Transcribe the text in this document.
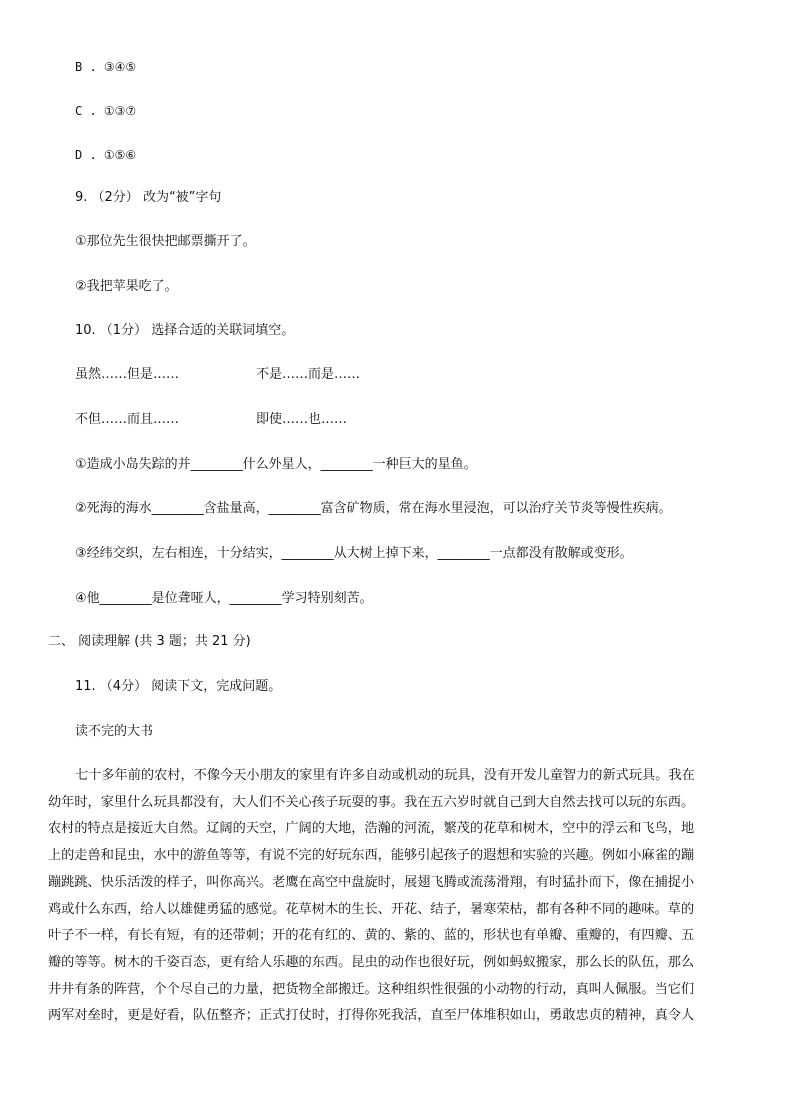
B . ③④⑤
C . ①③⑦
D . ①⑤⑥
9. （2分） 改为“被”字句
①那位先生很快把邮票撕开了。
②我把苹果吃了。
10. （1分） 选择合适的关联词填空。
虽然……但是……	不是……而是……
不但……而且……	即使……也……
①造成小岛失踪的并________什么外星人，________一种巨大的星鱼。
②死海的海水________含盐量高，________富含矿物质，常在海水里浸泡，可以治疗关节炎等慢性疾病。
③经纬交织，左右相连，十分结实，________从大树上掉下来，________一点都没有散解或变形。
④他________是位聋哑人，________学习特别刻苦。
二、 阅读理解 (共 3 题；共 21 分)
11. （4分） 阅读下文，完成问题。
读不完的大书
七十多年前的农村，不像今天小朋友的家里有许多自动或机动的玩具，没有开发儿童智力的新式玩具。我在
幼年时，家里什么玩具都没有，大人们不关心孩子玩耍的事。我在五六岁时就自己到大自然去找可以玩的东西。
农村的特点是接近大自然。辽阔的天空，广阔的大地，浩瀚的河流，繁茂的花草和树木，空中的浮云和飞鸟，地
上的走兽和昆虫，水中的游鱼等等，有说不完的好玩东西，能够引起孩子的遐想和实验的兴趣。例如小麻雀的蹦
蹦跳跳、快乐活泼的样子，叫你高兴。老鹰在高空中盘旋时，展翅飞腾或流荡滑翔，有时猛扑而下，像在捕捉小
鸡或什么东西，给人以雄健勇猛的感觉。花草树木的生长、开花、结子，暑寒荣枯，都有各种不同的趣味。草的
叶子不一样，有长有短，有的还带刺；开的花有红的、黄的、紫的、蓝的，形状也有单瓣、重瓣的，有四瓣、五
瓣的等等。树木的千姿百态，更有给人乐趣的东西。昆虫的动作也很好玩，例如蚂蚁搬家，那么长的队伍，那么
井井有条的阵营，个个尽自己的力量，把货物全部搬迁。这种组织性很强的小动物的行动，真叫人佩服。当它们
两军对垒时，更是好看，队伍整齐；正式打仗时，打得你死我活，直至尸体堆积如山，勇敢忠贞的精神，真令人
